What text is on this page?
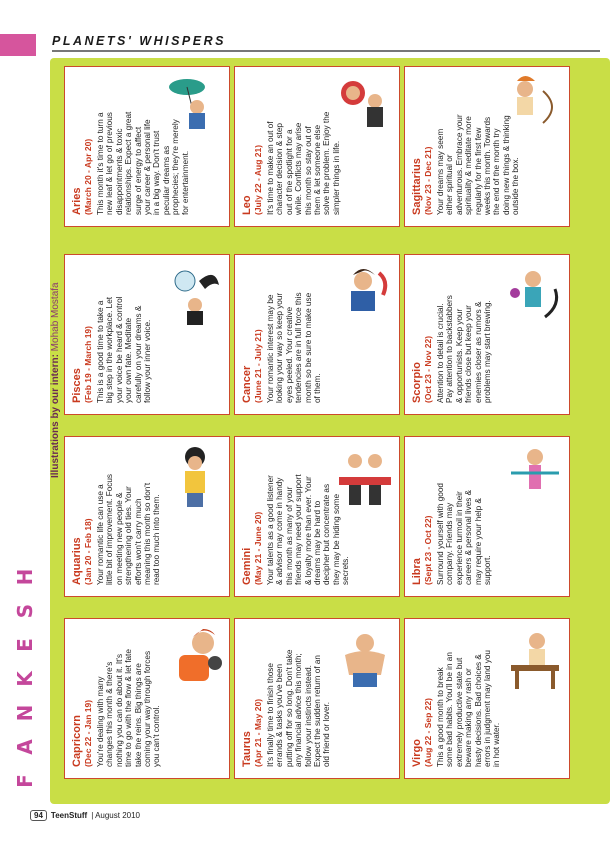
PLANETS' WHISPERS
Illustrations by our intern: Mohab Mostafa
H
S
E
K
N
A
F
Capricorn (Dec 22 - Jan 19) You're dealing with many changes this month & there's nothing you can do about it. It's time to go with the flow & let fate take the reins. Big things are coming your way through forces you can't control.	Taurus (Apr 21 - May 20) It's finally time to finish those errands & tasks you've been putting off for so long. Don't take any financial advice this month; follow your instincts instead. Expect the sudden return of an old friend or lover.	Virgo (Aug 22 - Sep 22) This a good month to break some bad habits. You'll be in an extremely productive state but beware making any rash or hasty decisions. Bad choices & errors in judgment may land you in hot water.
Aquarius (Jan 20 - Feb 18) Your romantic life can use a little bit of improvement. Focus on meeting new people & strengthening old ties. Your efforts won't carry much meaning this month so don't read too much into them.	Gemini (May 21 - June 20) Your talents as a good listener & advisor may come in handy this month as many of your friends may need your support & loyalty more than ever. Your dreams may be hard to decipher but concentrate as they may be hiding some secrets.	Libra (Sept 23 - Oct 22) Surround yourself with good company. Friends may experience turmoil in their careers & personal lives & may require your help & support.
Pisces (Feb 19 - March 19) This is a good time to take a big step in the workplace. Let your voice be heard & control your own fate. Meditate carefully on your dreams & follow your inner voice.	Cancer (June 21 - July 21) Your romantic interest may be looking your way so keep your eyes peeled. Your creative tendencies are in full force this month so be sure to make use of them.	Scorpio (Oct 23 - Nov 22) Attention to detail is crucial. Pay attention to backstabbers & opportunists. Keep your friends close but keep your enemies closer as rumors & problems may start brewing.
Aries (March 20 - Apr 20) This month it's time to turn a new leaf & let go of previous disappointments & toxic relationships. Expect a great surge of energy to affect your career & personal life in a big way. Don't trust peculiar dreams as prophecies; they're merely for entertainment.	Leo (July 22 - Aug 21) It's time to make an out of character decision & step out of the spotlight for a while. Conflicts may arise this month so stay out of them & let someone else solve the problem. Enjoy the simpler things in life.	Sagittarius (Nov 23 - Dec 21) Your dreams may seem either spiritual or adventurous. Embrace your spirituality & meditate more regularly for the first few weeks this month. Towards the end of the month try doing new things & thinking outside the box.
94	TeenStuff | August 2010
